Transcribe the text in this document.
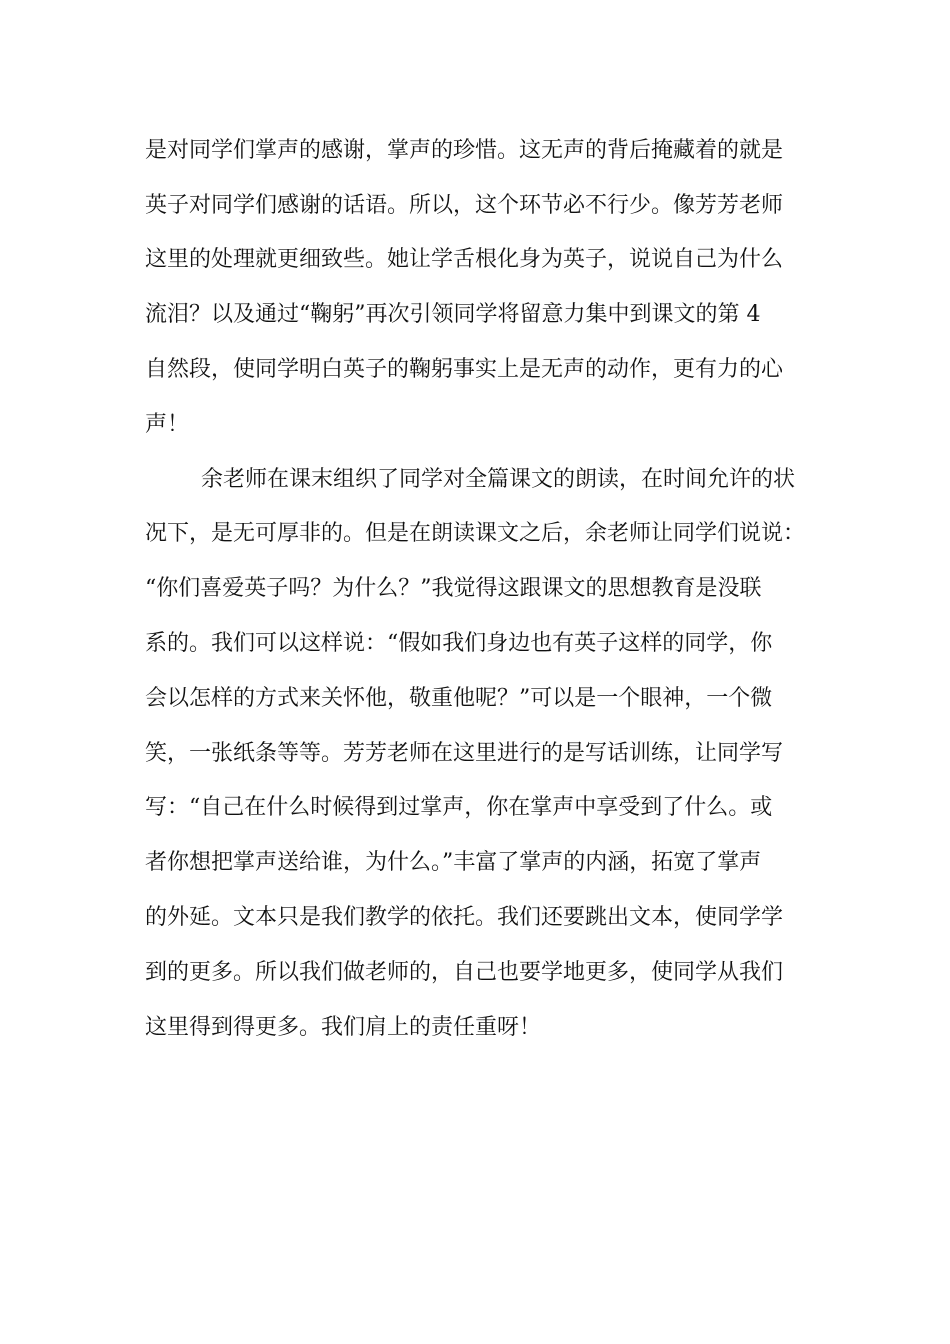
是对同学们掌声的感谢，掌声的珍惜。这无声的背后掩藏着的就是
英子对同学们感谢的话语。所以，这个环节必不行少。像芳芳老师
这里的处理就更细致些。她让学舌根化身为英子，说说自己为什么
流泪？以及通过“鞠躬”再次引领同学将留意力集中到课文的第 4
自然段，使同学明白英子的鞠躬事实上是无声的动作，更有力的心
声！
余老师在课末组织了同学对全篇课文的朗读，在时间允许的状
况下，是无可厚非的。但是在朗读课文之后，余老师让同学们说说：
“你们喜爱英子吗？为什么？”我觉得这跟课文的思想教育是没联
系的。我们可以这样说：“假如我们身边也有英子这样的同学，你
会以怎样的方式来关怀他，敬重他呢？”可以是一个眼神，一个微
笑，一张纸条等等。芳芳老师在这里进行的是写话训练，让同学写
写：“自己在什么时候得到过掌声，你在掌声中享受到了什么。或
者你想把掌声送给谁，为什么。”丰富了掌声的内涵，拓宽了掌声
的外延。文本只是我们教学的依托。我们还要跳出文本，使同学学
到的更多。所以我们做老师的，自己也要学地更多，使同学从我们
这里得到得更多。我们肩上的责任重呀！
